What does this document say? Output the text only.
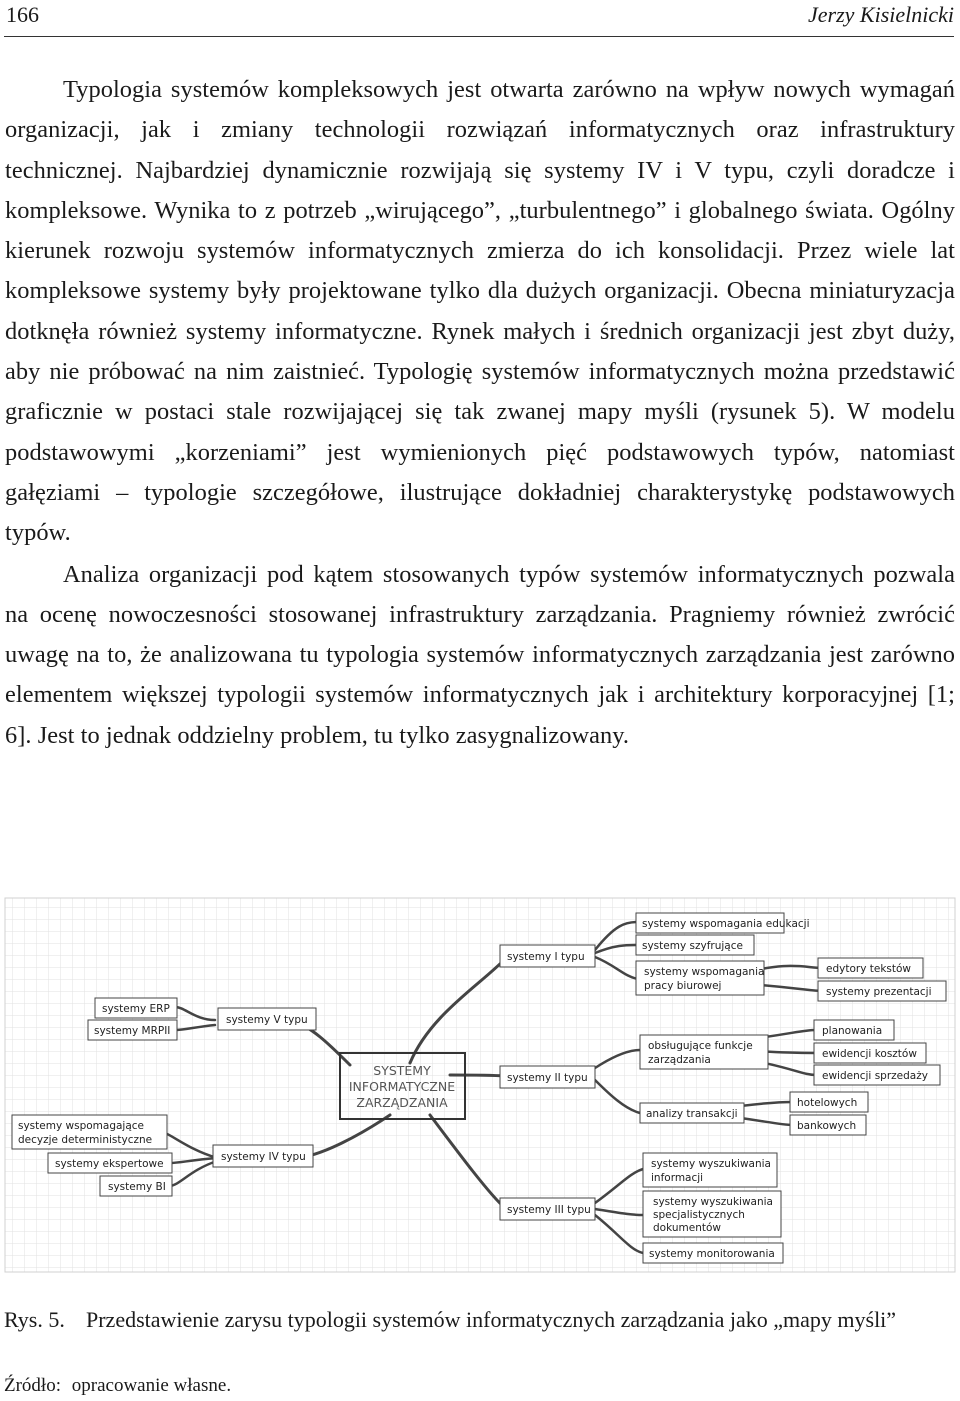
166	Jerzy Kisielnicki

Typologia systemów kompleksowych jest otwarta zarówno na wpływ nowych wymagań organizacji, jak i zmiany technologii rozwiązań informatycznych oraz infrastruktury technicznej. Najbardziej dynamicznie rozwijają się systemy IV i V typu, czyli doradcze i kompleksowe. Wynika to z potrzeb „wirującego”, „turbulentnego” i globalnego świata. Ogólny kierunek rozwoju systemów informatycznych zmierza do ich konsolidacji. Przez wiele lat kompleksowe systemy były projektowane tylko dla dużych organizacji. Obecna miniaturyzacja dotknęła również systemy informatyczne. Rynek małych i średnich organizacji jest zbyt duży, aby nie próbować na nim zaistnieć. Typologię systemów informatycznych można przedstawić graficznie w postaci stale rozwijającej się tak zwanej mapy myśli (rysunek 5). W modelu podstawowymi „korzeniami” jest wymienionych pięć podstawowych typów, natomiast gałęziami – typologie szczegółowe, ilustrujące dokładniej charakterystykę podstawowych typów.

Analiza organizacji pod kątem stosowanych typów systemów informatycznych pozwala na ocenę nowoczesności stosowanej infrastruktury zarządzania. Pragniemy również zwrócić uwagę na to, że analizowana tu typologia systemów informatycznych zarządzania jest zarówno elementem większej typologii systemów informatycznych jak i architektury korporacyjnej [1; 6]. Jest to jednak oddzielny problem, tu tylko zasygnalizowany.

SYSTEMY
INFORMATYCZNE
ZARZĄDZANIA
systemy I typu
systemy II typu
systemy III typu
systemy IV typu
systemy V typu
systemy wspomagania edukacji
systemy szyfrujące
systemy wspomagania
pracy biurowej
edytory tekstów
systemy prezentacji
obsługujące funkcje
zarządzania
planowania
ewidencji kosztów
ewidencji sprzedaży
analizy transakcji
hotelowych
bankowych
systemy wyszukiwania
informacji
systemy wyszukiwania
specjalistycznych
dokumentów
systemy monitorowania
systemy ERP
systemy MRPII
systemy wspomagające
decyzje deterministyczne
systemy ekspertowe
systemy BI
Rys. 5. Przedstawienie zarysu typologii systemów informatycznych zarządzania jako „mapy myśli”
Źródło: opracowanie własne.
